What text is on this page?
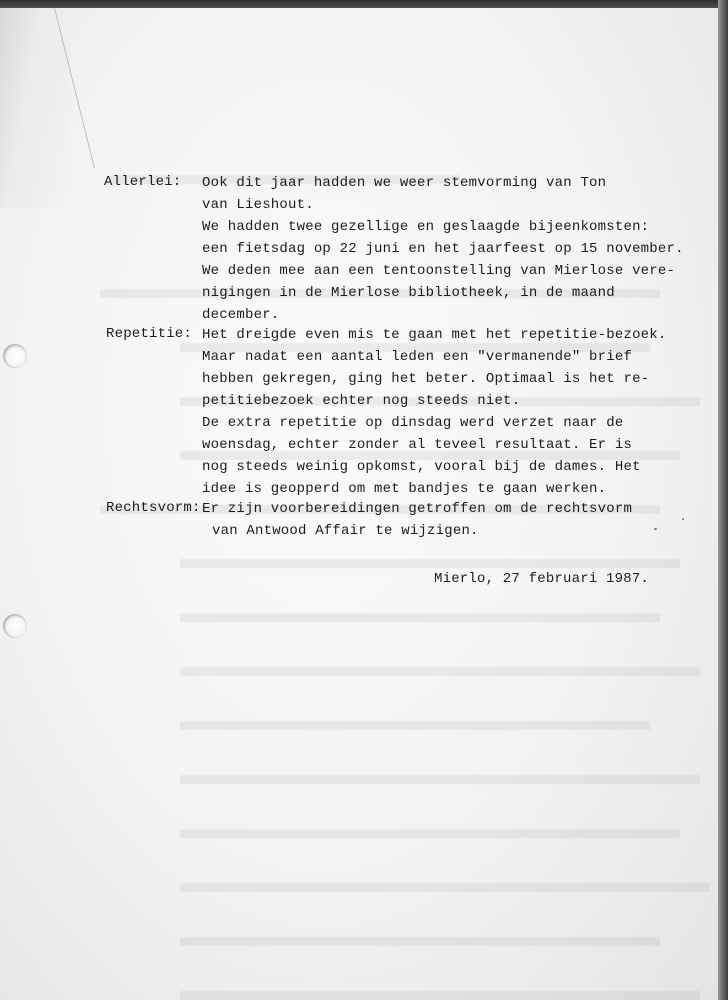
Allerlei: Ook dit jaar hadden we weer stemvorming van Ton
van Lieshout.
We hadden twee gezellige en geslaagde bijeenkomsten:
een fietsdag op 22 juni en het jaarfeest op 15 november.
We deden mee aan een tentoonstelling van Mierlose vere-
nigingen in de Mierlose bibliotheek, in de maand
december.
Repetitie: Het dreigde even mis te gaan met het repetitie-bezoek.
Maar nadat een aantal leden een "vermanende" brief
hebben gekregen, ging het beter. Optimaal is het re-
petitiebezoek echter nog steeds niet.
De extra repetitie op dinsdag werd verzet naar de
woensdag, echter zonder al teveel resultaat. Er is
nog steeds weinig opkomst, vooral bij de dames. Het
idee is geopperd om met bandjes te gaan werken.
Rechtsvorm: Er zijn voorbereidingen getroffen om de rechtsvorm
van Antwood Affair te wijzigen.
Mierlo, 27 februari 1987.
